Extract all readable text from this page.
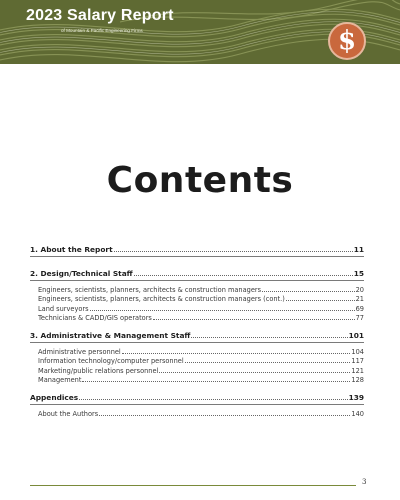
2023 Salary Report
of Mountain & Pacific Engineering Firms	$
Contents
1. About the Report	11
2. Design/Technical Staff	15
Engineers, scientists, planners, architects & construction managers	20
Engineers, scientists, planners, architects & construction managers (cont.)	21
Land surveyors	69
Technicians & CADD/GIS operators	77
3. Administrative & Management Staff	101
Administrative personnel	104
Information technology/computer personnel	117
Marketing/public relations personnel	121
Management	128
Appendices	139
About the Authors	140
3
